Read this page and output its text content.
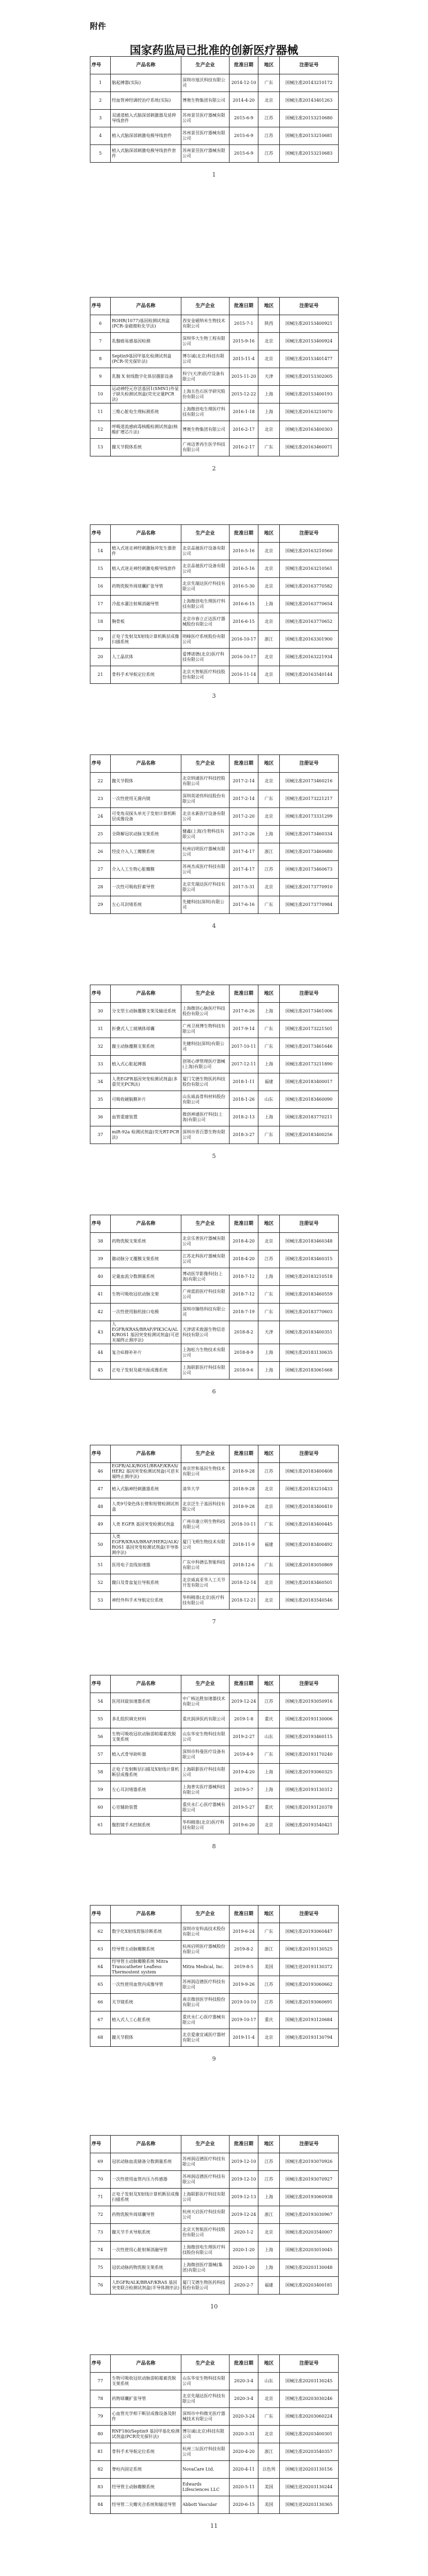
附件
国家药监局已批准的创新医疗器械
序号	产品名称	生产企业	批准日期	地区	注册证号
1	脑起搏器(实际)	深圳市旭沃科技有限公司	2014-12-10	广东	国械注准20143210172
2	经血管神经调控治疗系统(实际)	博奥生物集团有限公司	2014-4-20	北京	国械注准20143401263
3	双通道植入式脑深部刺激器及延伸导线套件	苏州景昱医疗器械有限公司	2015-6-9	江苏	国械注准20153210680
4	植入式脑深部刺激电极导线套件	苏州景昱医疗器械有限公司	2015-6-9	江苏	国械注准20153210681
5	植入式脑深部刺激电极导线套件套件	苏州景昱医疗器械有限公司	2015-6-9	江苏	国械注准20153210683
1
序号	产品名称	生产企业	批准日期	地区	注册证号
6	ROHR(1077)基因检测试剂盒(PCR-金磁微粒化学法)	西安金磁纳米生物技术有限公司	2015-7-1	陕西	国械注准20153400921
7	乳腺癌易感基因检测	深圳华大生物工程有限公司	2015-9-16	北京	国械注准20153400924
8	Septin9基因甲基化检测试剂盒(PCR-荧光探针法)	博尔诚(北京)科技有限公司	2015-11-4	北京	国械注准20153401477
9	乳腺 X 射线数字化体层摄影设备	科宁(天津)医疗设备有限公司	2015-11-20	天津	国械注准20153302005
10	运动神经元存活基因1(SMN1)外显子缺失检测试剂盒(荧光定量PCR法)	上海五色石医学研究股份有限公司	2015-12-22	上海	国械注准20153400193
11	三维心脏电生理标测系统	上海微创电生理医疗科技有限公司	2016-1-18	上海	国械注准20163210070
12	呼吸道流感病毒核酸检测试剂盒(核酸扩增芯片法)	博奥生物集团有限公司	2016-2-17	北京	国械注准20163400303
13	髋关节假体系统	广州迈普再生医学科技有限公司	2016-2-17	广东	国械注准20163460071
2
序号	产品名称	生产企业	批准日期	地区	注册证号
14	植入式迷走神经刺激脉冲发生器套件	北京品驰医疗设备有限公司	2016-5-16	北京	国械注准20163210560
15	植入式迷走神经刺激电极导线套件	北京品驰医疗设备有限公司	2016-5-16	北京	国械注准20163210561
16	药物洗脱外周球囊扩张导管	北京先瑞达医疗科技有限公司	2016-5-30	北京	国械注准20163770582
17	冷盐水灌注射频消融导管	上海微创电生理医疗科技有限公司	2016-6-15	上海	国械注准20163770654
18	胸骨板	北京市春立正达医疗器械股份有限公司	2016-6-15	北京	国械注准20163770652
19	正电子发射及X射线计算机断层成像扫描系统	明峰医疗系统股份有限公司	2016-10-17	浙江	国械注准20163301900
20	人工晶状体	爱博诺德(北京)医疗科技有限公司	2016-10-17	北京	国械注准20163221934
21	骨科手术导航定位系统	北京天智航医疗科技股份有限公司	2016-11-14	北京	国械注准20163540144
3
序号	产品名称	生产企业	批准日期	地区	注册证号
22	髋关节假体	北京纳通医疗科技控股有限公司	2017-2-14	北京	国械注准20173460216
23	一次性使用无菌内镜	深圳英诺伟科技股份有限公司	2017-2-14	广东	国械注准20173221217
24	可变角双探头单光子发射计算机断层成像设备	北京永新医疗设备有限公司	2017-2-20	北京	国械注准20173331299
25	全降解冠状动脉支架系统	健鑫(上海)生物科技有限公司	2017-2-26	上海	国械注准20173460334
26	经皮介入人工瓣膜系统	杭州启明医疗器械有限公司	2017-4-17	浙江	国械注准20173460680
27	介入人工生物心脏瓣膜	苏州杰成医疗科技有限公司	2017-4-17	江苏	国械注准20173460673
28	一次性可吸收肝素导管	北京先瑞达医疗科技有限公司	2017-5-31	北京	国械注准20173770910
29	左心耳封堵系统	先健科技(深圳)有限公司	2017-6-16	广东	国械注准20173770984
4
序号	产品名称	生产企业	批准日期	地区	注册证号
30	分支型主动脉覆膜支架及输送系统	上海微创心脉医疗科技股份有限公司	2017-6-26	上海	国械注准20173461006
31	折叠式人工玻璃体球囊	广州卫视博生物科技有限公司	2017-9-14	广东	国械注准20173221501
32	髋主动脉覆膜支架系统	先健科技(深圳)有限公司	2017-10-11	广东	国械注准20173461646
33	植入式心脏起搏器	创领心律管理医疗器械(上海)有限公司	2017-12-11	上海	国械注准20173211890
34	人类EGFR基因突变检测试剂盒(多重荧光PCR法)	厦门艾德生物医药科技股份有限公司	2018-1-11	福建	国械注准20183400017
35	可吸收硬脑膜补片	山东威高骨科材料股份有限公司	2018-1-26	山东	国械注准20183460090
36	血管重建装置	微创神通医疗科技(上海)有限公司	2018-2-13	上海	国械注准20183770211
37	miR-92a 检测试剂盒(荧光RT-PCR法)	深圳市晋百慧生物有限公司	2018-3-27	广东	国械注准20183400256
5
序号	产品名称	生产企业	批准日期	地区	注册证号
38	药物洗脱支架系统	北京乐普医疗器械有限公司	2018-4-20	北京	国械注准20183460348
39	髂动脉分叉覆膜支架系统	江苏北科医疗器械有限公司	2018-4-20	江苏	国械注准20183460315
40	定量血流分数测量系统	博动医学影像科技(上海)有限公司	2018-7-12	上海	国械注准20183210518
41	生物可吸收冠状动脉支架	广州蓝韵医疗科技有限公司	2018-7-12	广东	国械注准20183460559
42	一次性使用脑机接口电极	深圳市臻络科技有限公司	2018-7-19	广东	国械注准20183770603
43	人 EGFR/KRAS/BRAF/PIK3CA/ALK/ROS1 基因突变检测试剂盒(可逆末端终止测序法)	天津诺禾致源生物信息科技有限公司	2018-8-2	天津	国械注准20183400351
44	复合疝修补补片	上海松力生物技术有限公司	2018-8-9	上海	国械注准20183130635
45	正电子发射及磁共振成像系统	上海联影医疗科技有限公司	2018-9-6	上海	国械注准20183061668
6
序号	产品名称	生产企业	批准日期	地区	注册证号
46	EGFR/ALK/ROS1/BRAF/KRAS/HER2 基因突变检测试剂盒(可逆末端终止测序法)	南京世和基因生物技术有限公司	2018-9-28	江苏	国械注准20183400408
47	植入式脑神经刺激器系统	清华大学	2018-9-28	北京	国械注准20183210433
48	人类9号染色体长臂和短臂检测试剂盒	北京泛生子基因科技有限公司	2018-9-28	北京	国械注准20183400410
49	人类 EGFR 基因突变检测试剂盒	广州市康立明生物科技有限公司	2018-10-11	广东	国械注准20183400445
50	人类 EGFR/KRAS/BRAF/HER2/ALK/ROS1 基因突变检测试剂盒(半导体测序法)	厦门飞朔生物技术有限公司	2018-11-9	福建	国械注准20183400492
51	医用电子直线加速器	广东中科德弘智能科技有限公司	2018-12-6	广东	国械注准20183050869
52	髋臼及骨盆复位导航系统	北京威高亚华人工关节开发有限公司	2018-12-14	北京	国械注准20183460501
53	神经外科手术导航定位系统	华科精准(北京)医疗科技有限公司	2018-12-21	北京	国械注准20183540546
7
序号	产品名称	生产企业	批准日期	地区	注册证号
54	医用回旋加速器系统	中广核达胜加速器技术有限公司	2019-12-24	江苏	国械注准20193050916
55	多孔组织填充材料	重庆润泽医药有限公司	2019-1-8	重庆	国械注准20193130006
56	生物可吸收冠状动脉雷帕霉素洗脱支架系统	山东华安生物科技有限公司	2019-2-27	山东	国械注准20193460115
57	植入式骨导助听器	深圳市科曼医疗设备有限公司	2019-4-9	广东	国械注准20193170240
58	正电子发射断层扫描及X射线计算机断层成像系统	上海联影医疗科技有限公司	2019-4-20	上海	国械注准20193060325
59	左心耳封堵器系统	上海普实医疗器械科技有限公司	2019-5-7	上海	国械注准20193130312
60	心室辅助装置	重庆永仁心医疗器械有限公司	2019-5-27	重庆	国械注准20193120378
61	腹腔镜手术控制系统	华科精准(北京)医疗科技有限公司	2019-6-20	北京	国械注准20193540421
8
序号	产品名称	生产企业	批准日期	地区	注册证号
62	数字化X射线胃肠诊断系统	深圳市安科高技术股份有限公司	2019-6-24	广东	国械注准20193060447
63	经导管主动脉瓣膜系统	杭州启明医疗器械股份有限公司	2019-8-2	浙江	国械注准20193130525
64	经导管主动脉瓣膜系统 Mitra Transcatheter Leafless Thermostent system	Mitra Medical, Inc.	2019-8-5	美国	国械注进20193130372
65	一次性使用血管内成像导管	苏州润迈德医疗科技有限公司	2019-9-26	江苏	国械注准20193060662
66	关节镜系统	南京微创医学科技股份有限公司	2019-10-10	江苏	国械注准20193060691
67	植入式人工心脏系统	重庆永仁心医疗器械有限公司	2019-10-17	重庆	国械注准20193120684
68	髋关节假体	北京爱康宜诚医疗器材有限公司	2019-11-4	北京	国械注准20193130794
9
序号	产品名称	生产企业	批准日期	地区	注册证号
69	冠状动脉血流储备分数测量系统	苏州润迈德医疗科技有限公司	2019-12-10	江苏	国械注准20193070926
70	一次性使用血管内压力传感器	苏州润迈德医疗科技有限公司	2019-12-10	江苏	国械注准20193070927
71	正电子发射及X射线计算机断层成像扫描系统	上海联影医疗科技有限公司	2019-12-13	上海	国械注准20193060938
72	药物洗脱外周球囊导管	杭州天启医疗科技有限公司	2019-12-24	浙江	国械注准20193030967
73	髋关节手术导航系统	北京天智航医疗科技股份有限公司	2020-1-2	北京	国械注准20203540007
74	一次性使用心脏射频消融导管	上海微创电生理医疗科技股份有限公司	2020-1-20	上海	国械注准20203010045
75	冠状动脉药物洗脱支架系统	上海微创医疗器械(集团)有限公司	2020-1-20	上海	国械注准20203130048
76	人EGFR/ALK/BRAF/KRAS 基因突变联合检测试剂盒(半导体测序法)	厦门艾德生物医药科技股份有限公司	2020-2-7	福建	国械注准20203400181
10
序号	产品名称	生产企业	批准日期	地区	注册证号
77	生物可吸收冠状动脉雷帕霉素洗脱支架系统	山东华安生物科技有限公司	2020-3-4	山东	国械注准20203130245
78	药物球囊扩张导管	北京先瑞达医疗科技有限公司	2020-3-4	北京	国械注准20203030246
79	心血管光学相干断层成像设备及附件	深圳市中科微光医疗器械技术有限公司	2020-3-24	广东	国械注准20203060224
80	RNF180/Septin9 基因甲基化检测试剂盒(PCR荧光探针法)	博尔诚(北京)科技有限公司	2020-3-31	北京	国械注准20203400301
81	骨科手术导航定位系统	杭州三坛医疗科技有限公司	2020-4-20	浙江	国械注准20203540357
82	脊柱内固定系统	NovaCare Ltd.	2020-4-11	以色列	国械注进20203130156
83	经导管主动脉瓣膜系统	Edwards Lifesciences LLC	2020-5-11	美国	国械注进20203130244
84	经导管二尖瓣夹合系统和输送导管	Abbott Vascular	2020-6-15	美国	国械注进20203130365
11
